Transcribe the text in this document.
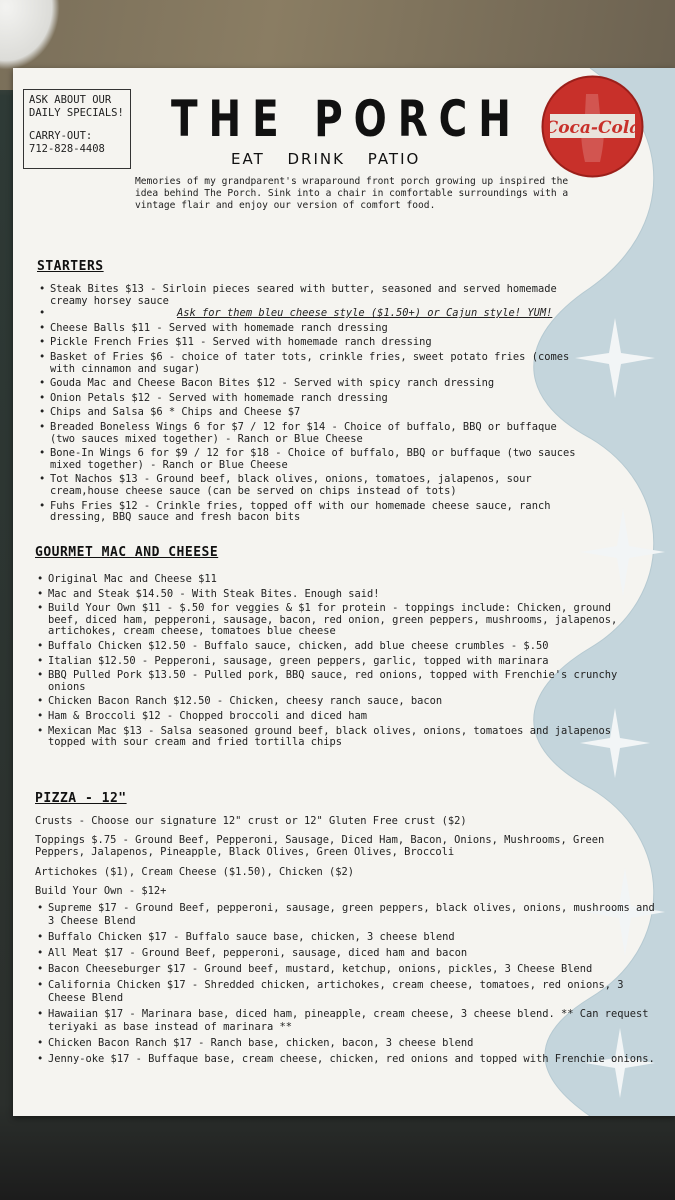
ASK ABOUT OUR
DAILY SPECIALS!
CARRY-OUT:
712-828-4408
THE PORCH
EAT DRINK PATIO
Coca-Cola
Memories of my grandparent's wraparound front porch growing up inspired the idea behind The Porch. Sink into a chair in comfortable surroundings with a vintage flair and enjoy our version of comfort food.
STARTERS
• Steak Bites $13 - Sirloin pieces seared with butter, seasoned and served homemade creamy horsey sauce
• Ask for them bleu cheese style ($1.50+) or Cajun style! YUM!
• Cheese Balls $11 - Served with homemade ranch dressing
• Pickle French Fries $11 - Served with homemade ranch dressing
• Basket of Fries $6 - choice of tater tots, crinkle fries, sweet potato fries (comes with cinnamon and sugar)
• Gouda Mac and Cheese Bacon Bites $12 - Served with spicy ranch dressing
• Onion Petals $12 - Served with homemade ranch dressing
• Chips and Salsa $6 * Chips and Cheese $7
• Breaded Boneless Wings 6 for $7 / 12 for $14 - Choice of buffalo, BBQ or buffaque (two sauces mixed together) - Ranch or Blue Cheese
• Bone-In Wings 6 for $9 / 12 for $18 - Choice of buffalo, BBQ or buffaque (two sauces mixed together) - Ranch or Blue Cheese
• Tot Nachos $13 - Ground beef, black olives, onions, tomatoes, jalapenos, sour cream,house cheese sauce (can be served on chips instead of tots)
• Fuhs Fries $12 - Crinkle fries, topped off with our homemade cheese sauce, ranch dressing, BBQ sauce and fresh bacon bits
GOURMET MAC AND CHEESE
• Original Mac and Cheese $11
• Mac and Steak $14.50 - With Steak Bites. Enough said!
• Build Your Own $11 - $.50 for veggies & $1 for protein - toppings include: Chicken, ground beef, diced ham, pepperoni, sausage, bacon, red onion, green peppers, mushrooms, jalapenos, artichokes, cream cheese, tomatoes blue cheese
• Buffalo Chicken $12.50 - Buffalo sauce, chicken, add blue cheese crumbles - $.50
• Italian $12.50 - Pepperoni, sausage, green peppers, garlic, topped with marinara
• BBQ Pulled Pork $13.50 - Pulled pork, BBQ sauce, red onions, topped with Frenchie's crunchy onions
• Chicken Bacon Ranch $12.50 - Chicken, cheesy ranch sauce, bacon
• Ham & Broccoli $12 - Chopped broccoli and diced ham
• Mexican Mac $13 - Salsa seasoned ground beef, black olives, onions, tomatoes and jalapenos topped with sour cream and fried tortilla chips
PIZZA - 12"
Crusts - Choose our signature 12" crust or 12" Gluten Free crust ($2)
Toppings $.75 - Ground Beef, Pepperoni, Sausage, Diced Ham, Bacon, Onions, Mushrooms, Green Peppers, Jalapenos, Pineapple, Black Olives, Green Olives, Broccoli
Artichokes ($1), Cream Cheese ($1.50), Chicken ($2)
Build Your Own - $12+
• Supreme $17 - Ground Beef, pepperoni, sausage, green peppers, black olives, onions, mushrooms and 3 Cheese Blend
• Buffalo Chicken $17 - Buffalo sauce base, chicken, 3 cheese blend
• All Meat $17 - Ground Beef, pepperoni, sausage, diced ham and bacon
• Bacon Cheeseburger $17 - Ground beef, mustard, ketchup, onions, pickles, 3 Cheese Blend
• California Chicken $17 - Shredded chicken, artichokes, cream cheese, tomatoes, red onions, 3 Cheese Blend
• Hawaiian $17 - Marinara base, diced ham, pineapple, cream cheese, 3 cheese blend. ** Can request teriyaki as base instead of marinara **
• Chicken Bacon Ranch $17 - Ranch base, chicken, bacon, 3 cheese blend
• Jenny-oke $17 - Buffaque base, cream cheese, chicken, red onions and topped with Frenchie onions.
